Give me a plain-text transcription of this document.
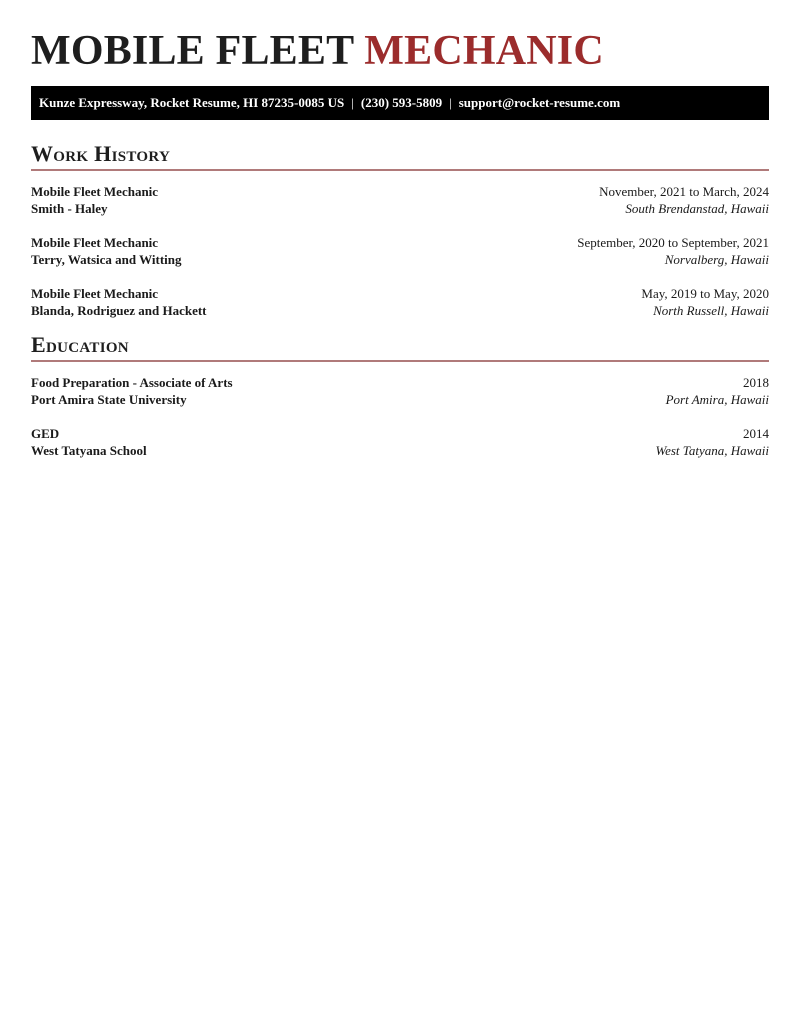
MOBILE FLEET MECHANIC
Kunze Expressway, Rocket Resume, HI 87235-0085 US | (230) 593-5809 | support@rocket-resume.com
Work History
Mobile Fleet Mechanic	November, 2021 to March, 2024
Smith - Haley	South Brendanstad, Hawaii
Mobile Fleet Mechanic	September, 2020 to September, 2021
Terry, Watsica and Witting	Norvalberg, Hawaii
Mobile Fleet Mechanic	May, 2019 to May, 2020
Blanda, Rodriguez and Hackett	North Russell, Hawaii
Education
Food Preparation - Associate of Arts	2018
Port Amira State University	Port Amira, Hawaii
GED	2014
West Tatyana School	West Tatyana, Hawaii
